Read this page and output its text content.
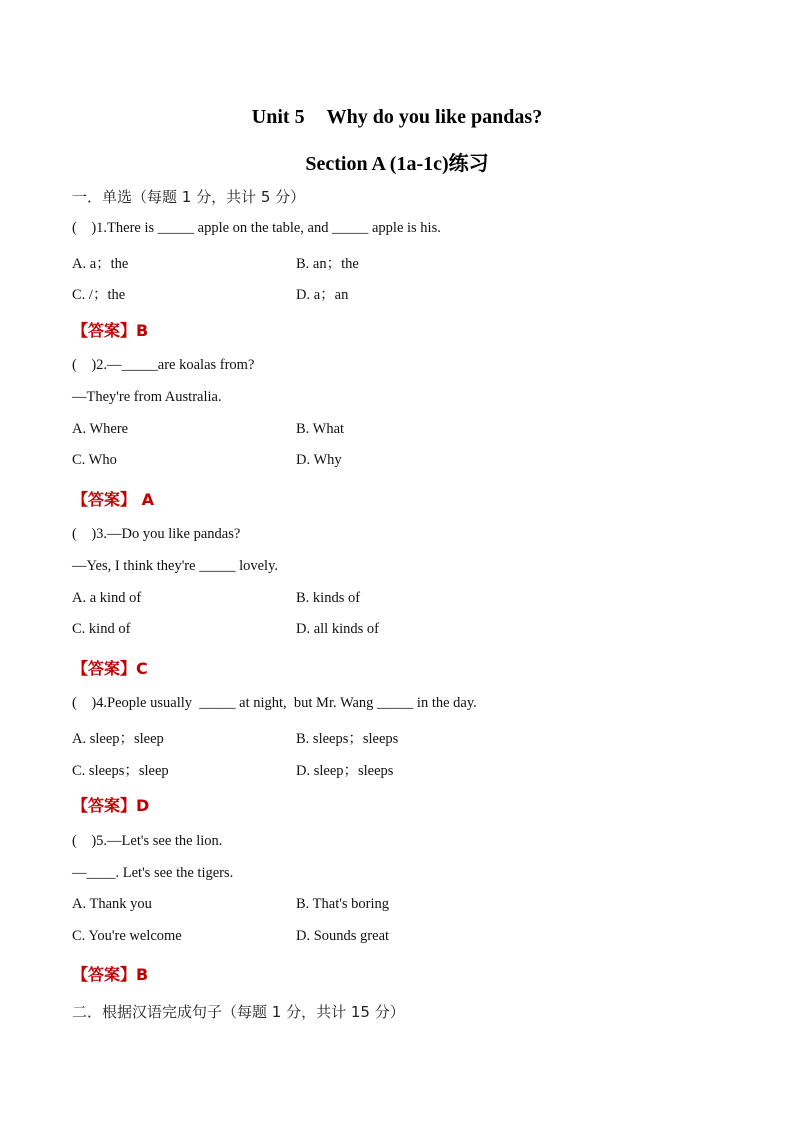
Unit 5 Why do you like pandas?
Section A (1a-1c)练习
一．单选（每题 1 分，共计 5 分）
(    )1.There is _____ apple on the table, and _____ apple is his.
A. a；the	B. an；the
C. /；the	D. a；an
【答案】B
(    )2.—_____are koalas from?
—They're from Australia.
A. Where	B. What
C. Who	D. Why
【答案】 A
(    )3.—Do you like pandas?
—Yes, I think they're _____ lovely.
A. a kind of	B. kinds of
C. kind of	D. all kinds of
【答案】C
(    )4.People usually  _____ at night,  but Mr. Wang _____ in the day.
A. sleep；sleep	B. sleeps；sleeps
C. sleeps；sleep	D. sleep；sleeps
【答案】D
(    )5.—Let's see the lion.
—____. Let's see the tigers.
A. Thank you	B. That's boring
C. You're welcome	D. Sounds great
【答案】B
二．根据汉语完成句子（每题 1 分，共计 15 分）
